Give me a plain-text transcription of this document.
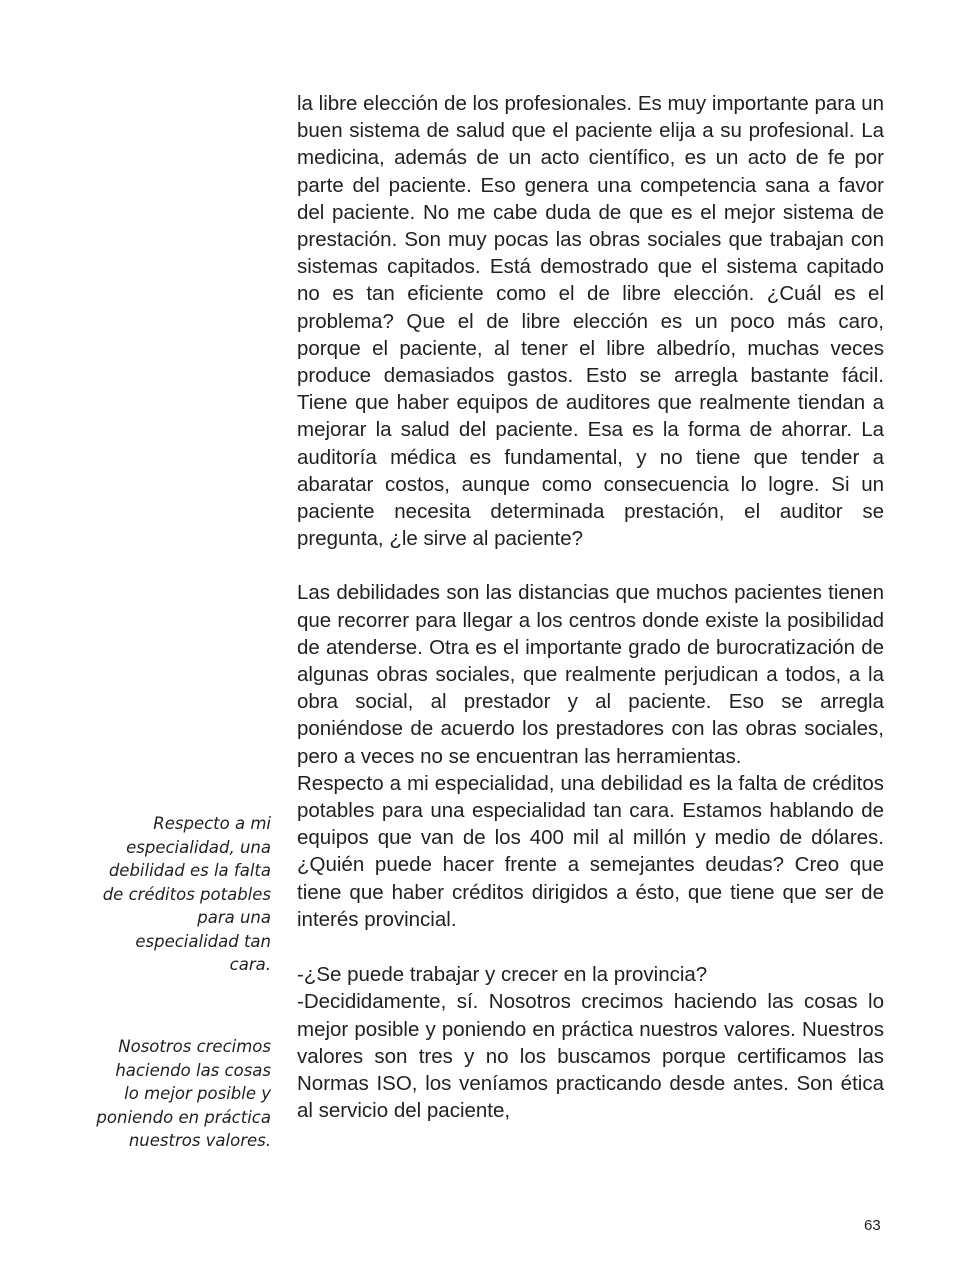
la libre elección de los profesionales. Es muy importante para un buen sistema de salud que el paciente elija a su profesional. La medicina, además de un acto científico, es un acto de fe por parte del paciente. Eso genera una competencia sana a favor del paciente. No me cabe duda de que es el mejor sistema de prestación. Son muy pocas las obras sociales que trabajan con sistemas capitados. Está demostrado que el sistema capitado no es tan eficiente como el de libre elección. ¿Cuál es el problema? Que el de libre elección es un poco más caro, porque el paciente, al tener el libre albedrío, muchas veces produce demasiados gastos. Esto se arregla bastante fácil. Tiene que haber equipos de auditores que realmente tiendan a mejorar la salud del paciente. Esa es la forma de ahorrar. La auditoría médica es fundamental, y no tiene que tender a abaratar costos, aunque como consecuencia lo logre. Si un paciente necesita determinada prestación, el auditor se pregunta, ¿le sirve al paciente?

Las debilidades son las distancias que muchos pacientes tienen que recorrer para llegar a los centros donde existe la posibilidad de atenderse. Otra es el importante grado de burocratización de algunas obras sociales, que realmente perjudican a todos, a la obra social, al prestador y al paciente. Eso se arregla poniéndose de acuerdo los prestadores con las obras sociales, pero a veces no se encuentran las herramientas.

Respecto a mi especialidad, una debilidad es la falta de créditos potables para una especialidad tan cara. Estamos hablando de equipos que van de los 400 mil al millón y medio de dólares. ¿Quién puede hacer frente a semejantes deudas? Creo que tiene que haber créditos dirigidos a ésto, que tiene que ser de interés provincial.

-¿Se puede trabajar y crecer en la provincia?

-Decididamente, sí. Nosotros crecimos haciendo las cosas lo mejor posible y poniendo en práctica nuestros valores. Nuestros valores son tres y no los buscamos porque certificamos las Normas ISO, los veníamos practicando desde antes. Son ética al servicio del paciente,

Respecto a mi especialidad, una debilidad es la falta de créditos potables para una especialidad tan cara.

Nosotros crecimos haciendo las cosas lo mejor posible y poniendo en práctica nuestros valores.

63
